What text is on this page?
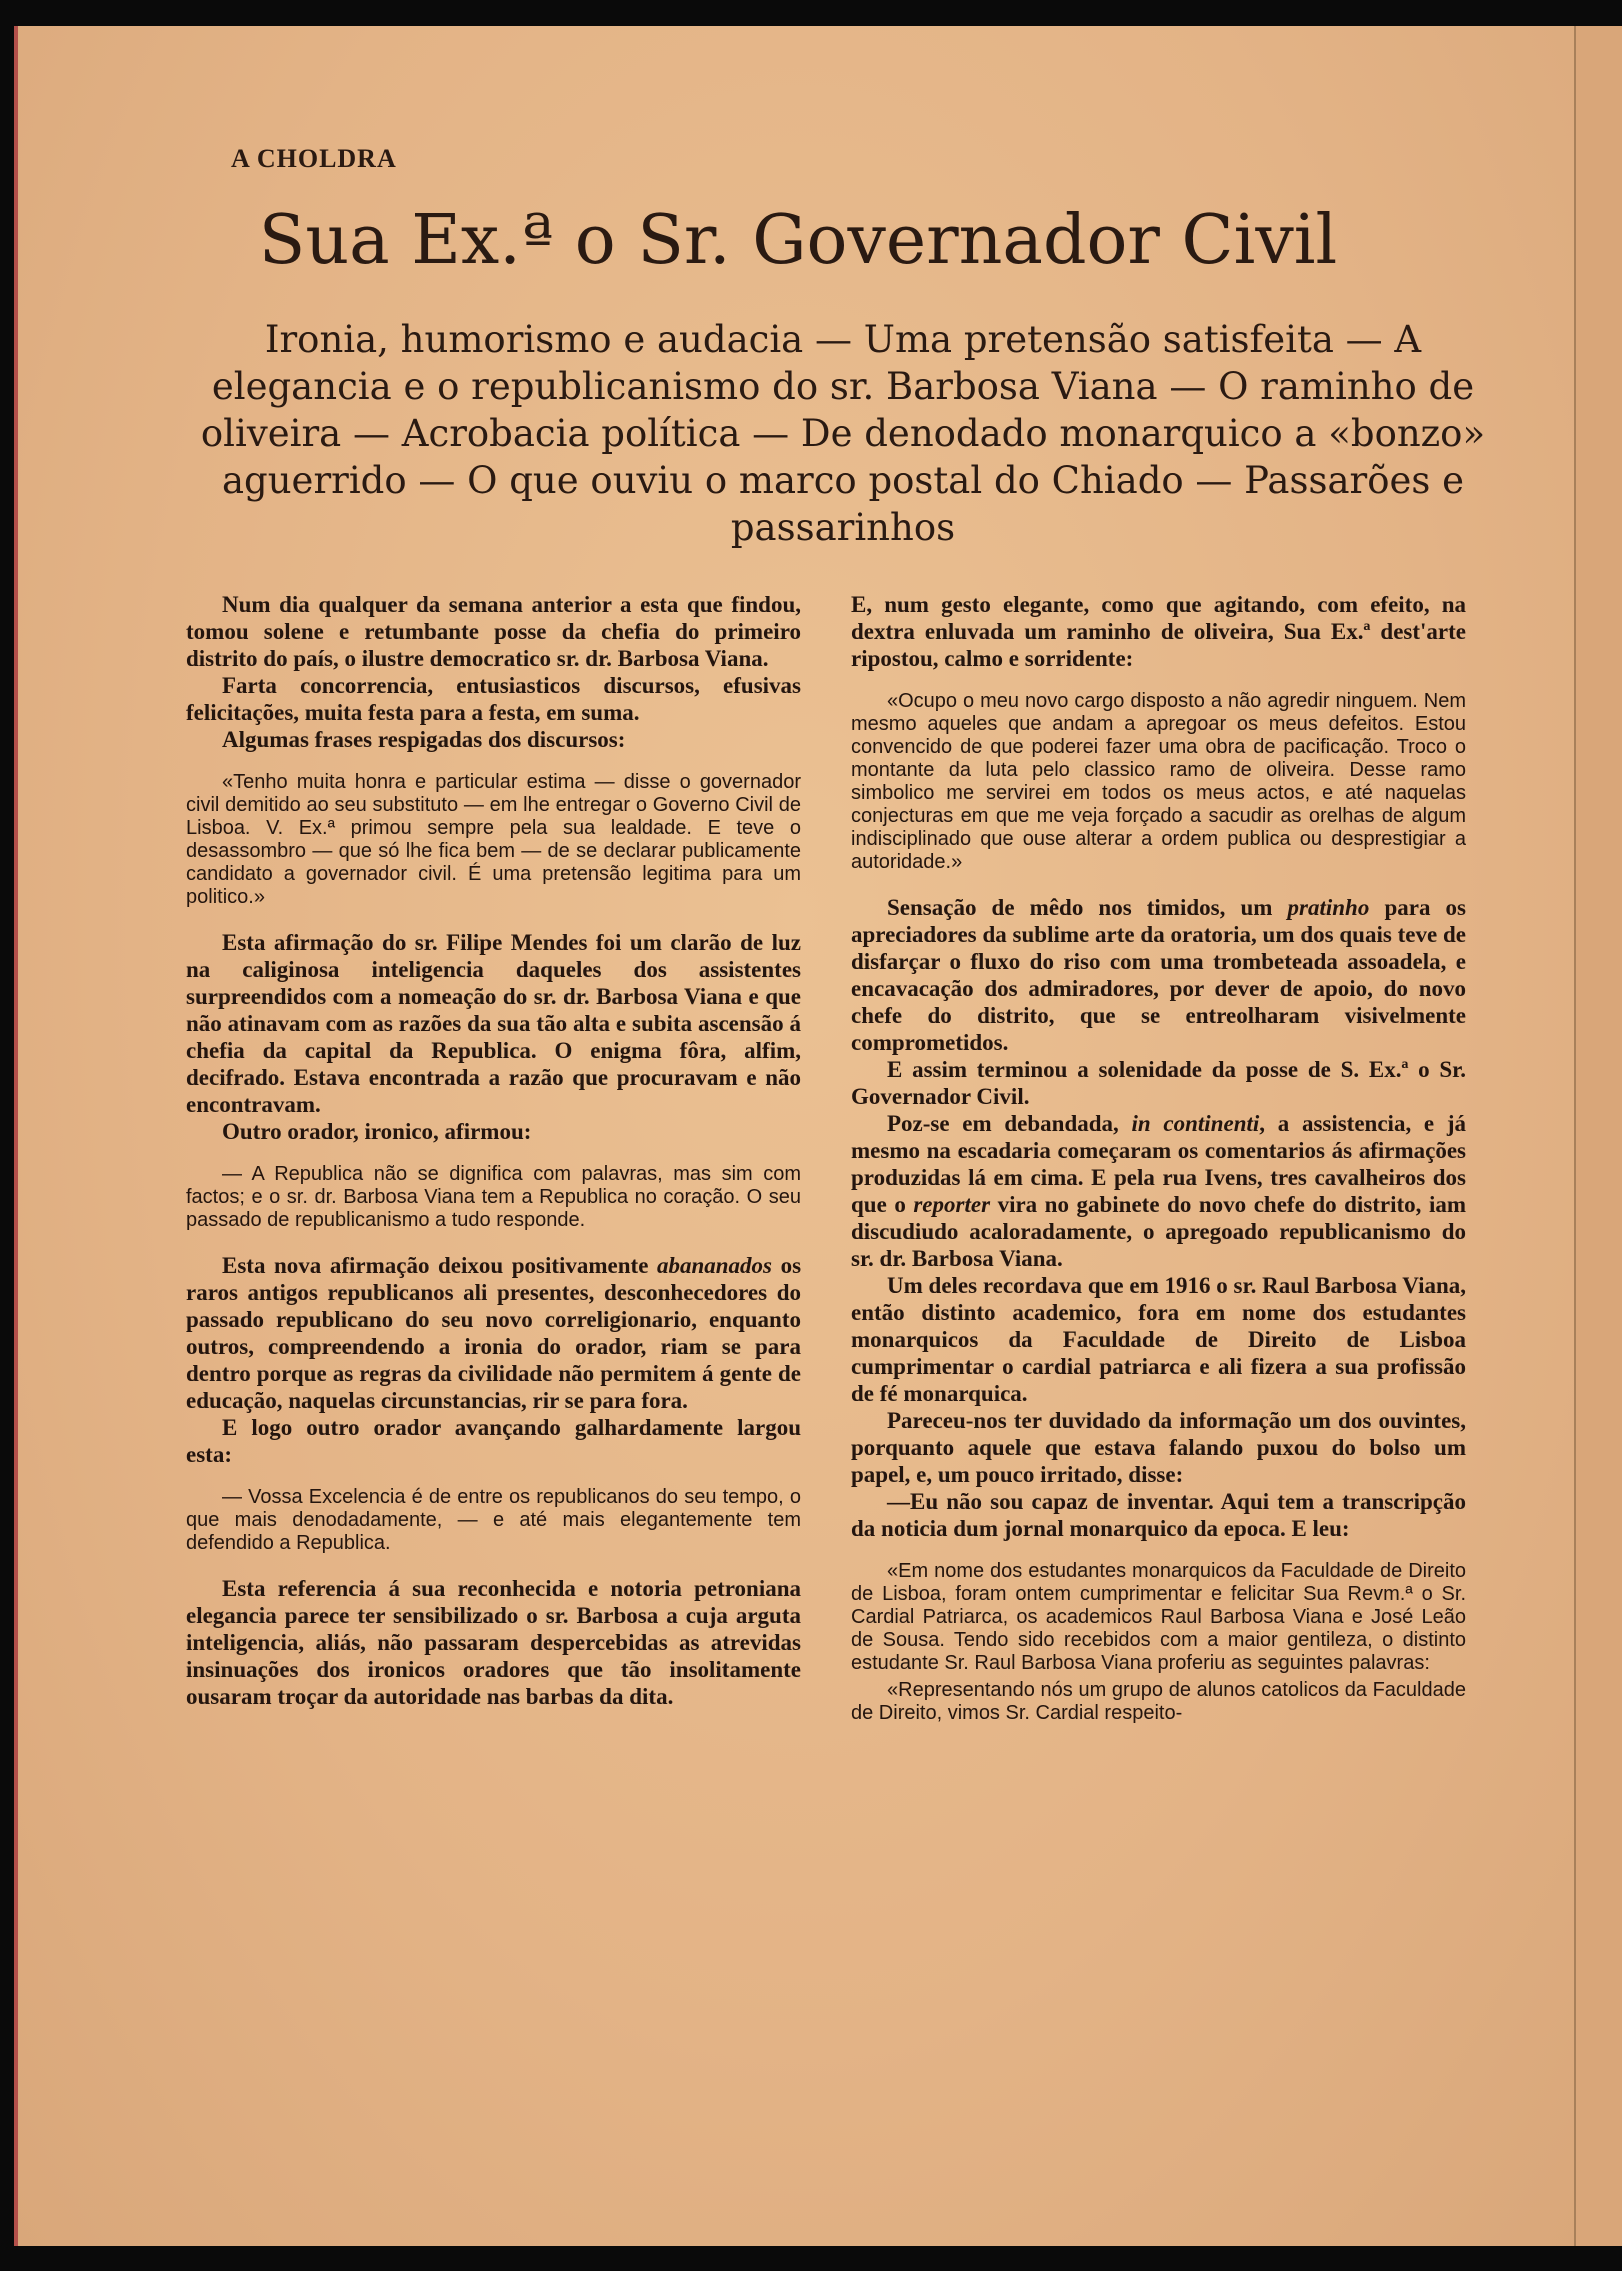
A CHOLDRA
Sua Ex.ª o Sr. Governador Civil
Ironia, humorismo e audacia — Uma pretensão satisfeita — A elegancia e o republicanismo do sr. Barbosa Viana — O raminho de oliveira — Acrobacia política — De denodado monarquico a «bonzo» aguerrido — O que ouviu o marco postal do Chiado — Passarões e passarinhos

Num dia qualquer da semana anterior a esta que findou, tomou solene e retumbante posse da chefia do primeiro distrito do país, o ilustre democratico sr. dr. Barbosa Viana.

Farta concorrencia, entusiasticos discursos, efusivas felicitações, muita festa para a festa, em suma.

Algumas frases respigadas dos discursos:

«Tenho muita honra e particular estima — disse o governador civil demitido ao seu substituto — em lhe entregar o Governo Civil de Lisboa. V. Ex.ª primou sempre pela sua lealdade. E teve o desassombro — que só lhe fica bem — de se declarar publicamente candidato a governador civil. É uma pretensão legitima para um politico.»

Esta afirmação do sr. Filipe Mendes foi um clarão de luz na caliginosa inteligencia daqueles dos assistentes surpreendidos com a nomeação do sr. dr. Barbosa Viana e que não atinavam com as razões da sua tão alta e subita ascensão á chefia da capital da Republica. O enigma fôra, alfim, decifrado. Estava encontrada a razão que procuravam e não encontravam.

Outro orador, ironico, afirmou:

— A Republica não se dignifica com palavras, mas sim com factos; e o sr. dr. Barbosa Viana tem a Republica no coração. O seu passado de republicanismo a tudo responde.

Esta nova afirmação deixou positivamente abananados os raros antigos republicanos ali presentes, desconhecedores do passado republicano do seu novo correligionario, enquanto outros, compreendendo a ironia do orador, riam se para dentro porque as regras da civilidade não permitem á gente de educação, naquelas circunstancias, rir se para fora.

E logo outro orador avançando galhardamente largou esta:

— Vossa Excelencia é de entre os republicanos do seu tempo, o que mais denodadamente, — e até mais elegantemente tem defendido a Republica.

Esta referencia á sua reconhecida e notoria petroniana elegancia parece ter sensibilizado o sr. Barbosa a cuja arguta inteligencia, aliás, não passaram despercebidas as atrevidas insinuações dos ironicos oradores que tão insolitamente ousaram troçar da autoridade nas barbas da dita.

E, num gesto elegante, como que agitando, com efeito, na dextra enluvada um raminho de oliveira, Sua Ex.ª dest'arte ripostou, calmo e sorridente:

«Ocupo o meu novo cargo disposto a não agredir ninguem. Nem mesmo aqueles que andam a apregoar os meus defeitos. Estou convencido de que poderei fazer uma obra de pacificação. Troco o montante da luta pelo classico ramo de oliveira. Desse ramo simbolico me servirei em todos os meus actos, e até naquelas conjecturas em que me veja forçado a sacudir as orelhas de algum indisciplinado que ouse alterar a ordem publica ou desprestigiar a autoridade.»

Sensação de mêdo nos timidos, um pratinho para os apreciadores da sublime arte da oratoria, um dos quais teve de disfarçar o fluxo do riso com uma trombeteada assoadela, e encavacação dos admiradores, por dever de apoio, do novo chefe do distrito, que se entreolharam visivelmente comprometidos.

E assim terminou a solenidade da posse de S. Ex.ª o Sr. Governador Civil.

Poz-se em debandada, in continenti, a assistencia, e já mesmo na escadaria começaram os comentarios ás afirmações produzidas lá em cima. E pela rua Ivens, tres cavalheiros dos que o reporter vira no gabinete do novo chefe do distrito, iam discudiudo acaloradamente, o apregoado republicanismo do sr. dr. Barbosa Viana.

Um deles recordava que em 1916 o sr. Raul Barbosa Viana, então distinto academico, fora em nome dos estudantes monarquicos da Faculdade de Direito de Lisboa cumprimentar o cardial patriarca e ali fizera a sua profissão de fé monarquica.

Pareceu-nos ter duvidado da informação um dos ouvintes, porquanto aquele que estava falando puxou do bolso um papel, e, um pouco irritado, disse:

—Eu não sou capaz de inventar. Aqui tem a transcripção da noticia dum jornal monarquico da epoca. E leu:

«Em nome dos estudantes monarquicos da Faculdade de Direito de Lisboa, foram ontem cumprimentar e felicitar Sua Revm.ª o Sr. Cardial Patriarca, os academicos Raul Barbosa Viana e José Leão de Sousa. Tendo sido recebidos com a maior gentileza, o distinto estudante Sr. Raul Barbosa Viana proferiu as seguintes palavras:

«Representando nós um grupo de alunos catolicos da Faculdade de Direito, vimos Sr. Cardial respeito-
